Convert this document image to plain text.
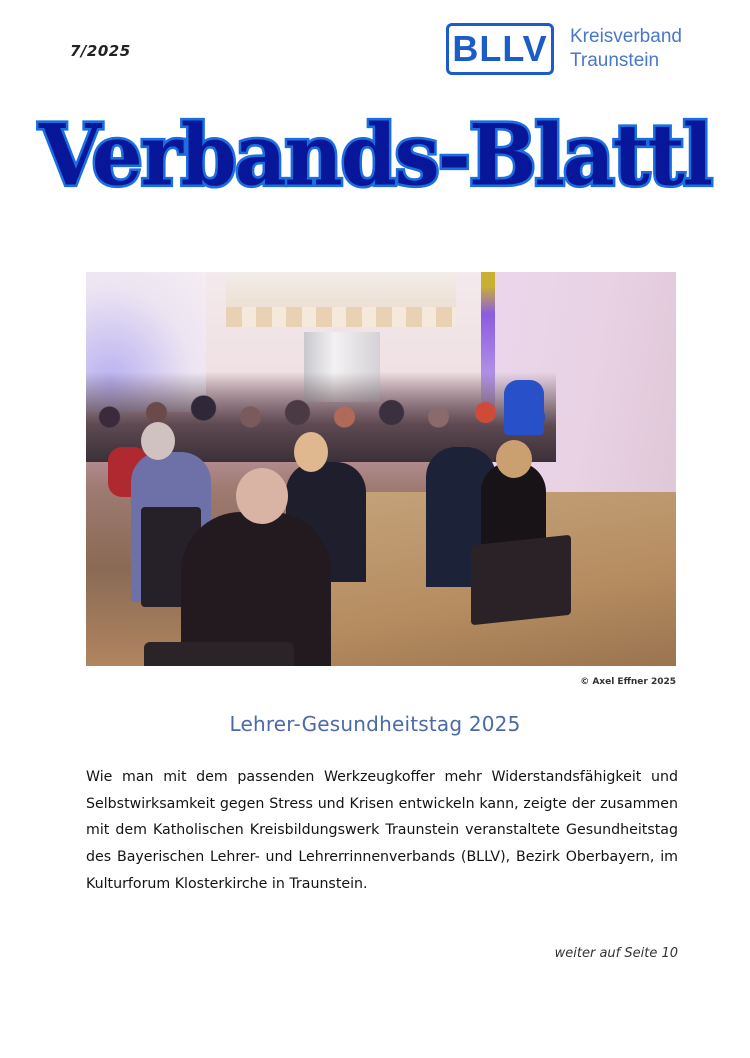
7/2025	BLLV Kreisverband
Traunstein
Verbands-Blattl
© Axel Effner 2025
Lehrer-Gesundheitstag 2025
Wie man mit dem passenden Werkzeugkoffer mehr Widerstandsfähigkeit und Selbstwirksamkeit gegen Stress und Krisen entwickeln kann, zeigte der zusammen mit dem Katholischen Kreisbildungswerk Traunstein veranstaltete Gesundheitstag des Bayerischen Lehrer- und Lehrerrinnenverbands (BLLV), Bezirk Oberbayern, im Kulturforum Klosterkirche in Traunstein.
weiter auf Seite 10
